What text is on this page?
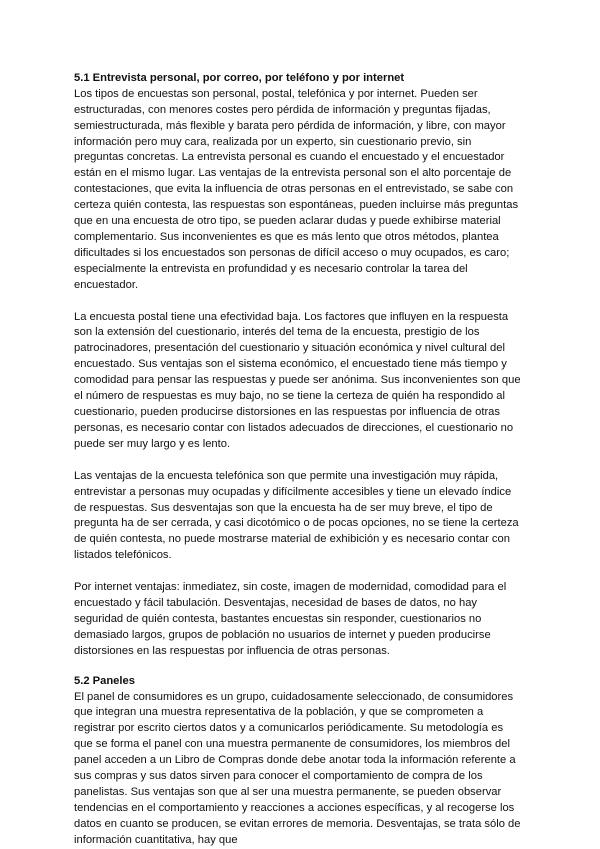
5.1 Entrevista personal, por correo, por teléfono y por internet

Los tipos de encuestas son personal, postal, telefónica y por internet. Pueden ser estructuradas, con menores costes pero pérdida de información y preguntas fijadas, semiestructurada, más flexible y barata pero pérdida de información, y libre, con mayor información pero muy cara, realizada por un experto, sin cuestionario previo, sin preguntas concretas. La entrevista personal es cuando el encuestado y el encuestador están en el mismo lugar. Las ventajas de la entrevista personal son el alto porcentaje de contestaciones, que evita la influencia de otras personas en el entrevistado, se sabe con certeza quién contesta, las respuestas son espontáneas, pueden incluirse más preguntas que en una encuesta de otro tipo, se pueden aclarar dudas y puede exhibirse material complementario. Sus inconvenientes es que es más lento que otros métodos, plantea dificultades si los encuestados son personas de difícil acceso o muy ocupados, es caro; especialmente la entrevista en profundidad y es necesario controlar la tarea del encuestador.

La encuesta postal tiene una efectividad baja. Los factores que influyen en la respuesta son la extensión del cuestionario, interés del tema de la encuesta, prestigio de los patrocinadores, presentación del cuestionario y situación económica y nivel cultural del encuestado. Sus ventajas son el sistema económico, el encuestado tiene más tiempo y comodidad para pensar las respuestas y puede ser anónima. Sus inconvenientes son que el número de respuestas es muy bajo, no se tiene la certeza de quién ha respondido al cuestionario, pueden producirse distorsiones en las respuestas por influencia de otras personas, es necesario contar con listados adecuados de direcciones, el cuestionario no puede ser muy largo y es lento.

Las ventajas de la encuesta telefónica son que permite una investigación muy rápida, entrevistar a personas muy ocupadas y difícilmente accesibles y tiene un elevado índice de respuestas. Sus desventajas son que la encuesta ha de ser muy breve, el tipo de pregunta ha de ser cerrada, y casi dicotómico o de pocas opciones, no se tiene la certeza de quién contesta, no puede mostrarse material de exhibición y es necesario contar con listados telefónicos.

Por internet ventajas: inmediatez, sin coste, imagen de modernidad, comodidad para el encuestado y fácil tabulación. Desventajas, necesidad de bases de datos, no hay seguridad de quién contesta, bastantes encuestas sin responder, cuestionarios no demasiado largos, grupos de población no usuarios de internet y pueden producirse distorsiones en las respuestas por influencia de otras personas.

5.2 Paneles

El panel de consumidores es un grupo, cuidadosamente seleccionado, de consumidores que integran una muestra representativa de la población, y que se comprometen a registrar por escrito ciertos datos y a comunicarlos periódicamente. Su metodología es que se forma el panel con una muestra permanente de consumidores, los miembros del panel acceden a un Libro de Compras donde debe anotar toda la información referente a sus compras y sus datos sirven para conocer el comportamiento de compra de los panelistas. Sus ventajas son que al ser una muestra permanente, se pueden observar tendencias en el comportamiento y reacciones a acciones específicas, y al recogerse los datos en cuanto se producen, se evitan errores de memoria. Desventajas, se trata sólo de información cuantitativa, hay que
